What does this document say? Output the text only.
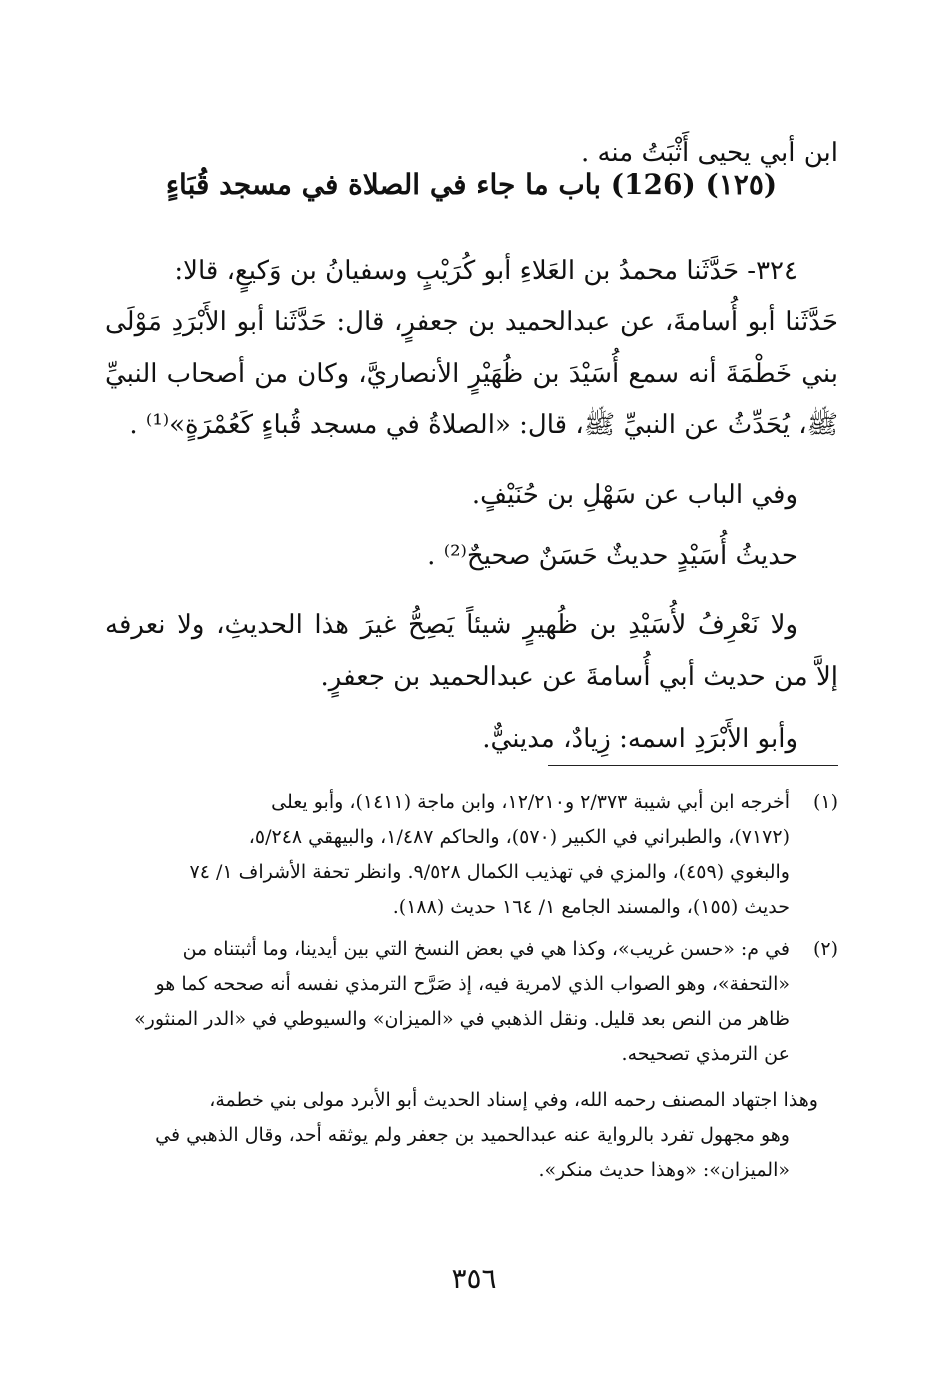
ابن أبي يحيى أَثْبَتُ منه .
(١٢٥) (126) باب ما جاء في الصلاة في مسجد قُبَاءٍ
٣٢٤- حَدَّثَنا محمدُ بن العَلاءِ أبو كُرَيْبٍ وسفيانُ بن وَكيعٍ، قالا:
حَدَّثَنا أبو أُسامةَ، عن عبدالحميد بن جعفرٍ، قال: حَدَّثَنا أبو الأَبْرَدِ مَوْلَى
بني خَطْمَةَ أنه سمع أُسَيْدَ بن ظُهَيْرٍ الأنصاريَّ، وكان من أصحاب النبيِّ
ﷺ، يُحَدِّثُ عن النبيِّ ﷺ، قال: «الصلاةُ في مسجد قُباءٍ كَعُمْرَةٍ»⁽¹⁾ .
وفي الباب عن سَهْلِ بن حُنَيْفٍ.
حديثُ أُسَيْدٍ حديثٌ حَسَنٌ صحيحٌ⁽²⁾ .
ولا نَعْرِفُ لأُسَيْدِ بن ظُهيرٍ شيئاً يَصِحُّ غيرَ هذا الحديثِ، ولا نعرفه
إلاَّ من حديث أبي أُسامةَ عن عبدالحميد بن جعفرٍ.
وأبو الأَبْرَدِ اسمه: زِيادٌ، مدينيٌّ.
(١)
أخرجه ابن أبي شيبة ٢/٣٧٣ و١٢/٢١٠، وابن ماجة (١٤١١)، وأبو يعلى
(٧١٧٢)، والطبراني في الكبير (٥٧٠)، والحاكم ١/٤٨٧، والبيهقي ٥/٢٤٨،
والبغوي (٤٥٩)، والمزي في تهذيب الكمال ٩/٥٢٨. وانظر تحفة الأشراف ١/ ٧٤
حديث (١٥٥)، والمسند الجامع ١/ ١٦٤ حديث (١٨٨).
(٢)
في م: «حسن غريب»، وكذا هي في بعض النسخ التي بين أيدينا، وما أثبتناه من
«التحفة»، وهو الصواب الذي لامرية فيه، إذ صَرَّح الترمذي نفسه أنه صححه كما هو
ظاهر من النص بعد قليل. ونقل الذهبي في «الميزان» والسيوطي في «الدر المنثور»
عن الترمذي تصحيحه.
وهذا اجتهاد المصنف رحمه الله، وفي إسناد الحديث أبو الأبرد مولى بني خطمة،
وهو مجهول تفرد بالرواية عنه عبدالحميد بن جعفر ولم يوثقه أحد، وقال الذهبي في
«الميزان»: «وهذا حديث منكر».
٣٥٦
